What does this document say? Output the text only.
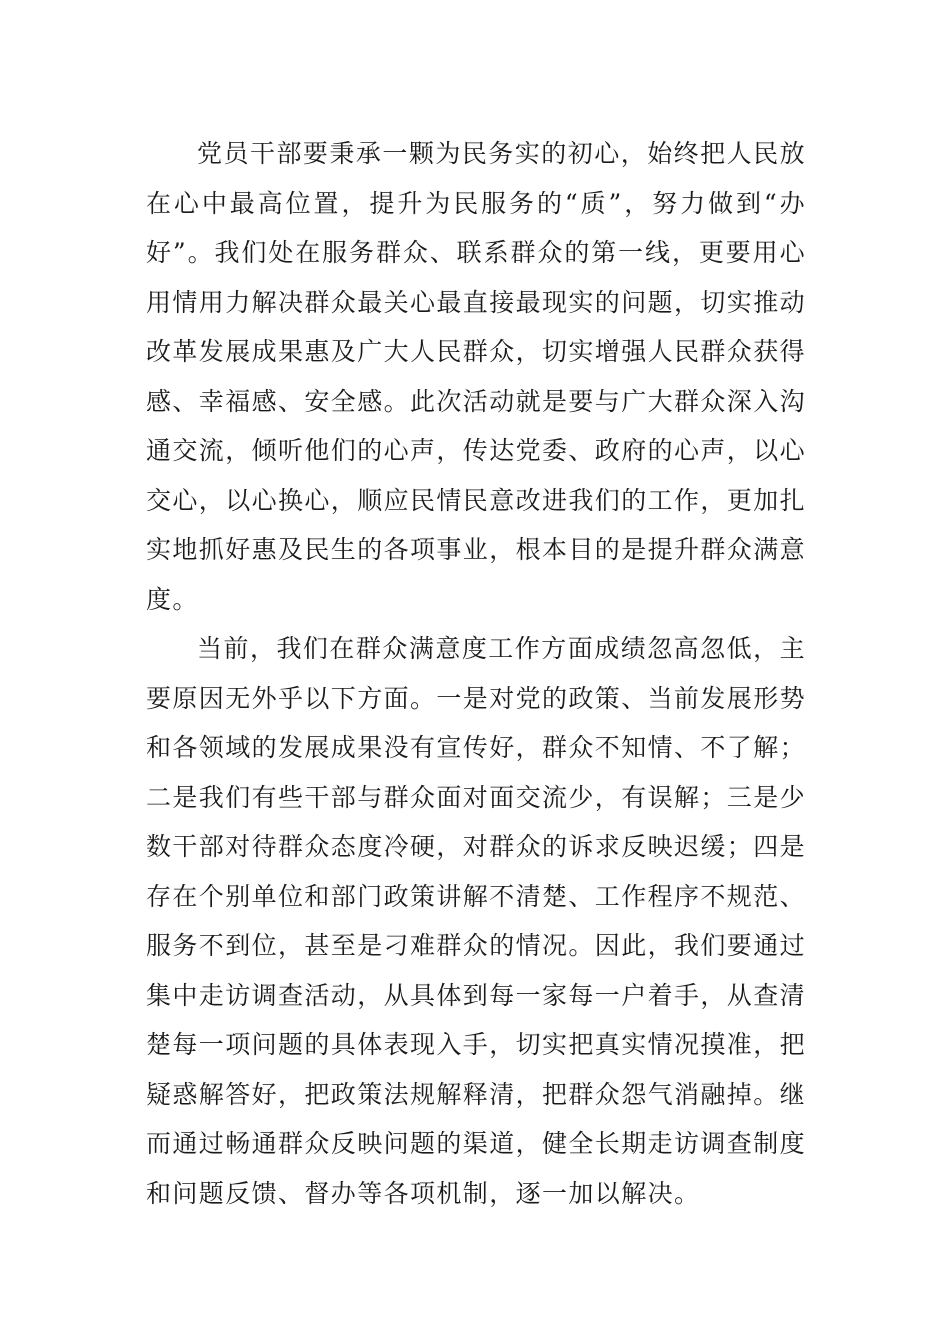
党员干部要秉承一颗为民务实的初心，始终把人民放在心中最高位置，提升为民服务的“质”，努力做到“办好”。我们处在服务群众、联系群众的第一线，更要用心用情用力解决群众最关心最直接最现实的问题，切实推动改革发展成果惠及广大人民群众，切实增强人民群众获得感、幸福感、安全感。此次活动就是要与广大群众深入沟通交流，倾听他们的心声，传达党委、政府的心声，以心交心，以心换心，顺应民情民意改进我们的工作，更加扎实地抓好惠及民生的各项事业，根本目的是提升群众满意度。

当前，我们在群众满意度工作方面成绩忽高忽低，主要原因无外乎以下方面。一是对党的政策、当前发展形势和各领域的发展成果没有宣传好，群众不知情、不了解；二是我们有些干部与群众面对面交流少，有误解；三是少数干部对待群众态度冷硬，对群众的诉求反映迟缓；四是存在个别单位和部门政策讲解不清楚、工作程序不规范、服务不到位，甚至是刁难群众的情况。因此，我们要通过集中走访调查活动，从具体到每一家每一户着手，从查清楚每一项问题的具体表现入手，切实把真实情况摸准，把疑惑解答好，把政策法规解释清，把群众怨气消融掉。继而通过畅通群众反映问题的渠道，健全长期走访调查制度和问题反馈、督办等各项机制，逐一加以解决。
